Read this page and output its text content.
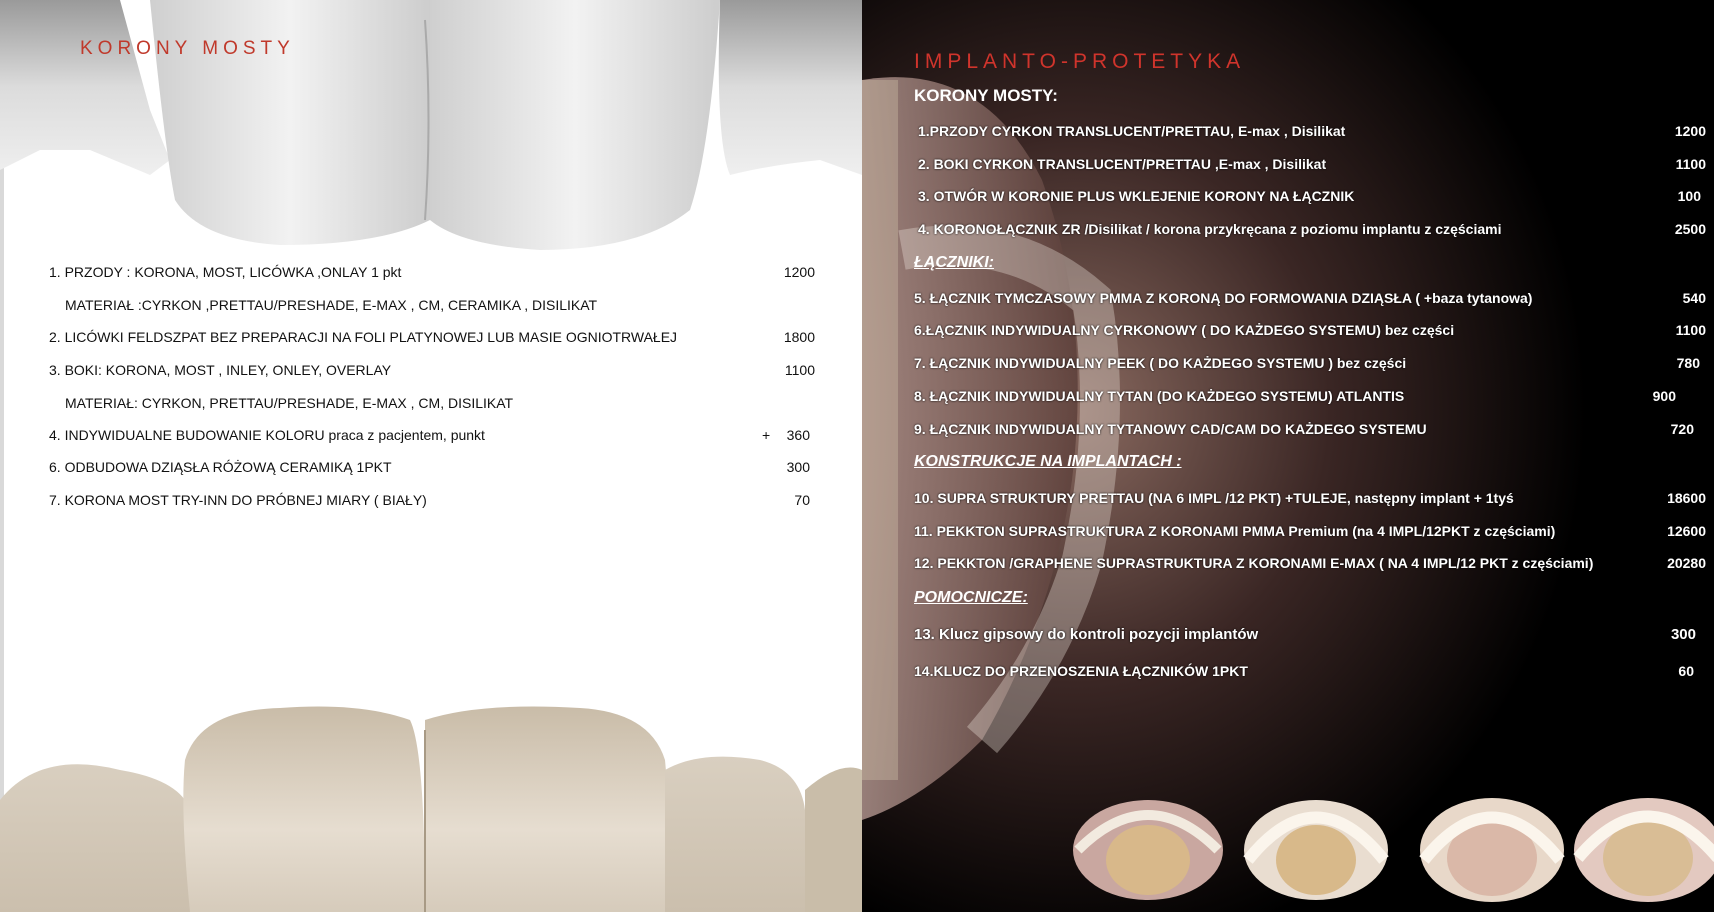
KORONY MOSTY
1. PRZODY : KORONA, MOST, LICÓWKA ,ONLAY 1 pkt	1200
MATERIAŁ :CYRKON ,PRETTAU/PRESHADE, E-MAX , CM, CERAMIKA , DISILIKAT
2. LICÓWKI FELDSZPAT BEZ PREPARACJI NA FOLI PLATYNOWEJ LUB MASIE OGNIOTRWAŁEJ	1800
3. BOKI: KORONA, MOST , INLEY, ONLEY, OVERLAY	1100
MATERIAŁ: CYRKON, PRETTAU/PRESHADE, E-MAX , CM, DISILIKAT
4. INDYWIDUALNE BUDOWANIE KOLORU praca z pacjentem, punkt	+ 360
6. ODBUDOWA DZIĄSŁA RÓŻOWĄ CERAMIKĄ 1PKT	300
7. KORONA MOST TRY-INN DO PRÓBNEJ MIARY ( BIAŁY)	70
IMPLANTO-PROTETYKA
KORONY MOSTY:
1.PRZODY CYRKON TRANSLUCENT/PRETTAU, E-max , Disilikat	1200
2. BOKI CYRKON TRANSLUCENT/PRETTAU ,E-max , Disilikat	1100
3. OTWÓR W KORONIE PLUS WKLEJENIE KORONY NA ŁĄCZNIK	100
4. KORONOŁĄCZNIK ZR /Disilikat / korona przykręcana z poziomu implantu z częściami	2500
ŁĄCZNIKI:
5. ŁĄCZNIK TYMCZASOWY PMMA Z KORONĄ DO FORMOWANIA DZIĄSŁA ( +baza tytanowa)	540
6.ŁĄCZNIK INDYWIDUALNY CYRKONOWY ( DO KAŻDEGO SYSTEMU) bez części	1100
7. ŁĄCZNIK INDYWIDUALNY PEEK ( DO KAŻDEGO SYSTEMU ) bez części	780
8. ŁĄCZNIK INDYWIDUALNY TYTAN (DO KAŻDEGO SYSTEMU) ATLANTIS	900
9. ŁĄCZNIK INDYWIDUALNY TYTANOWY CAD/CAM DO KAŻDEGO SYSTEMU	720
KONSTRUKCJE NA IMPLANTACH :
10. SUPRA STRUKTURY PRETTAU (NA 6 IMPL /12 PKT) +TULEJE, następny implant + 1tyś	18600
11. PEKKTON SUPRASTRUKTURA Z KORONAMI PMMA Premium (na 4 IMPL/12PKT z częściami)	12600
12. PEKKTON /GRAPHENE SUPRASTRUKTURA Z KORONAMI E-MAX ( NA 4 IMPL/12 PKT z częściami)	20280
POMOCNICZE:
13. Klucz gipsowy do kontroli pozycji implantów	300
14.KLUCZ DO PRZENOSZENIA ŁĄCZNIKÓW 1PKT	60
